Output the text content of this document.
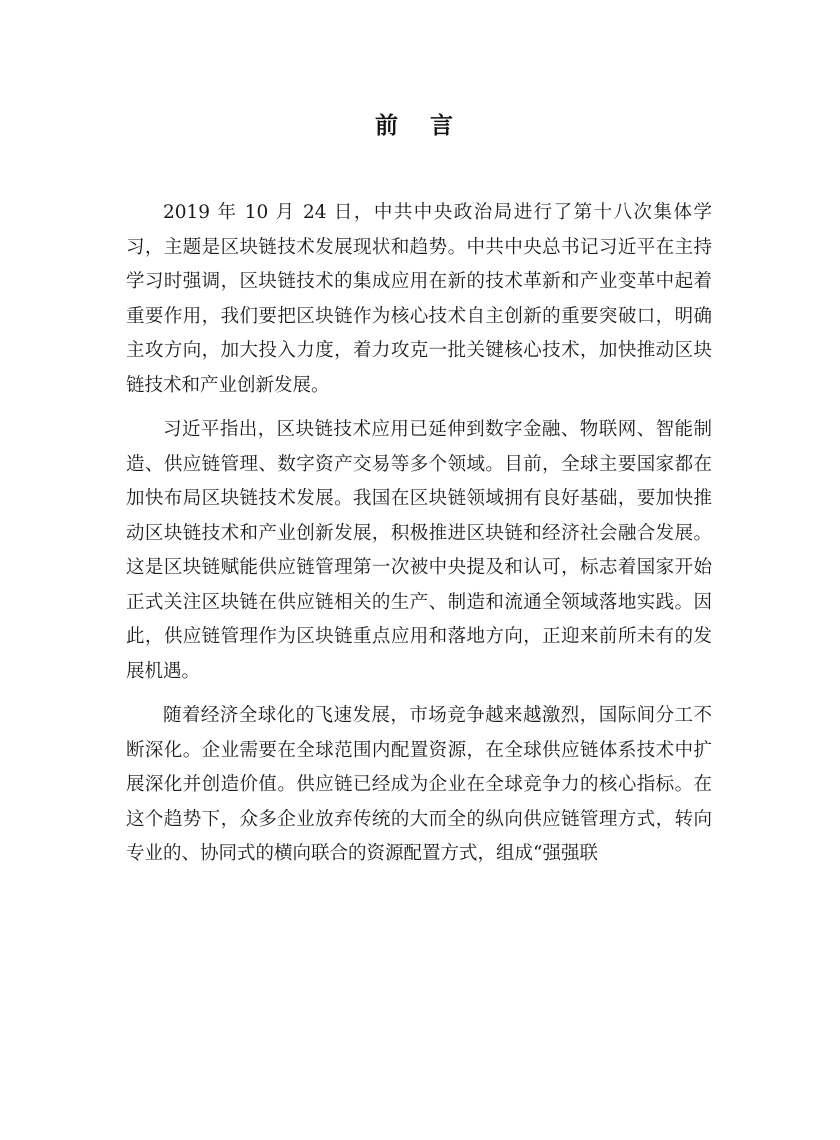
前 言

2019 年 10 月 24 日，中共中央政治局进行了第十八次集体学习，主题是区块链技术发展现状和趋势。中共中央总书记习近平在主持学习时强调，区块链技术的集成应用在新的技术革新和产业变革中起着重要作用，我们要把区块链作为核心技术自主创新的重要突破口，明确主攻方向，加大投入力度，着力攻克一批关键核心技术，加快推动区块链技术和产业创新发展。

习近平指出，区块链技术应用已延伸到数字金融、物联网、智能制造、供应链管理、数字资产交易等多个领域。目前，全球主要国家都在加快布局区块链技术发展。我国在区块链领域拥有良好基础，要加快推动区块链技术和产业创新发展，积极推进区块链和经济社会融合发展。这是区块链赋能供应链管理第一次被中央提及和认可，标志着国家开始正式关注区块链在供应链相关的生产、制造和流通全领域落地实践。因此，供应链管理作为区块链重点应用和落地方向，正迎来前所未有的发展机遇。

随着经济全球化的飞速发展，市场竞争越来越激烈，国际间分工不断深化。企业需要在全球范围内配置资源，在全球供应链体系技术中扩展深化并创造价值。供应链已经成为企业在全球竞争力的核心指标。在这个趋势下，众多企业放弃传统的大而全的纵向供应链管理方式，转向专业的、协同式的横向联合的资源配置方式，组成“强强联
